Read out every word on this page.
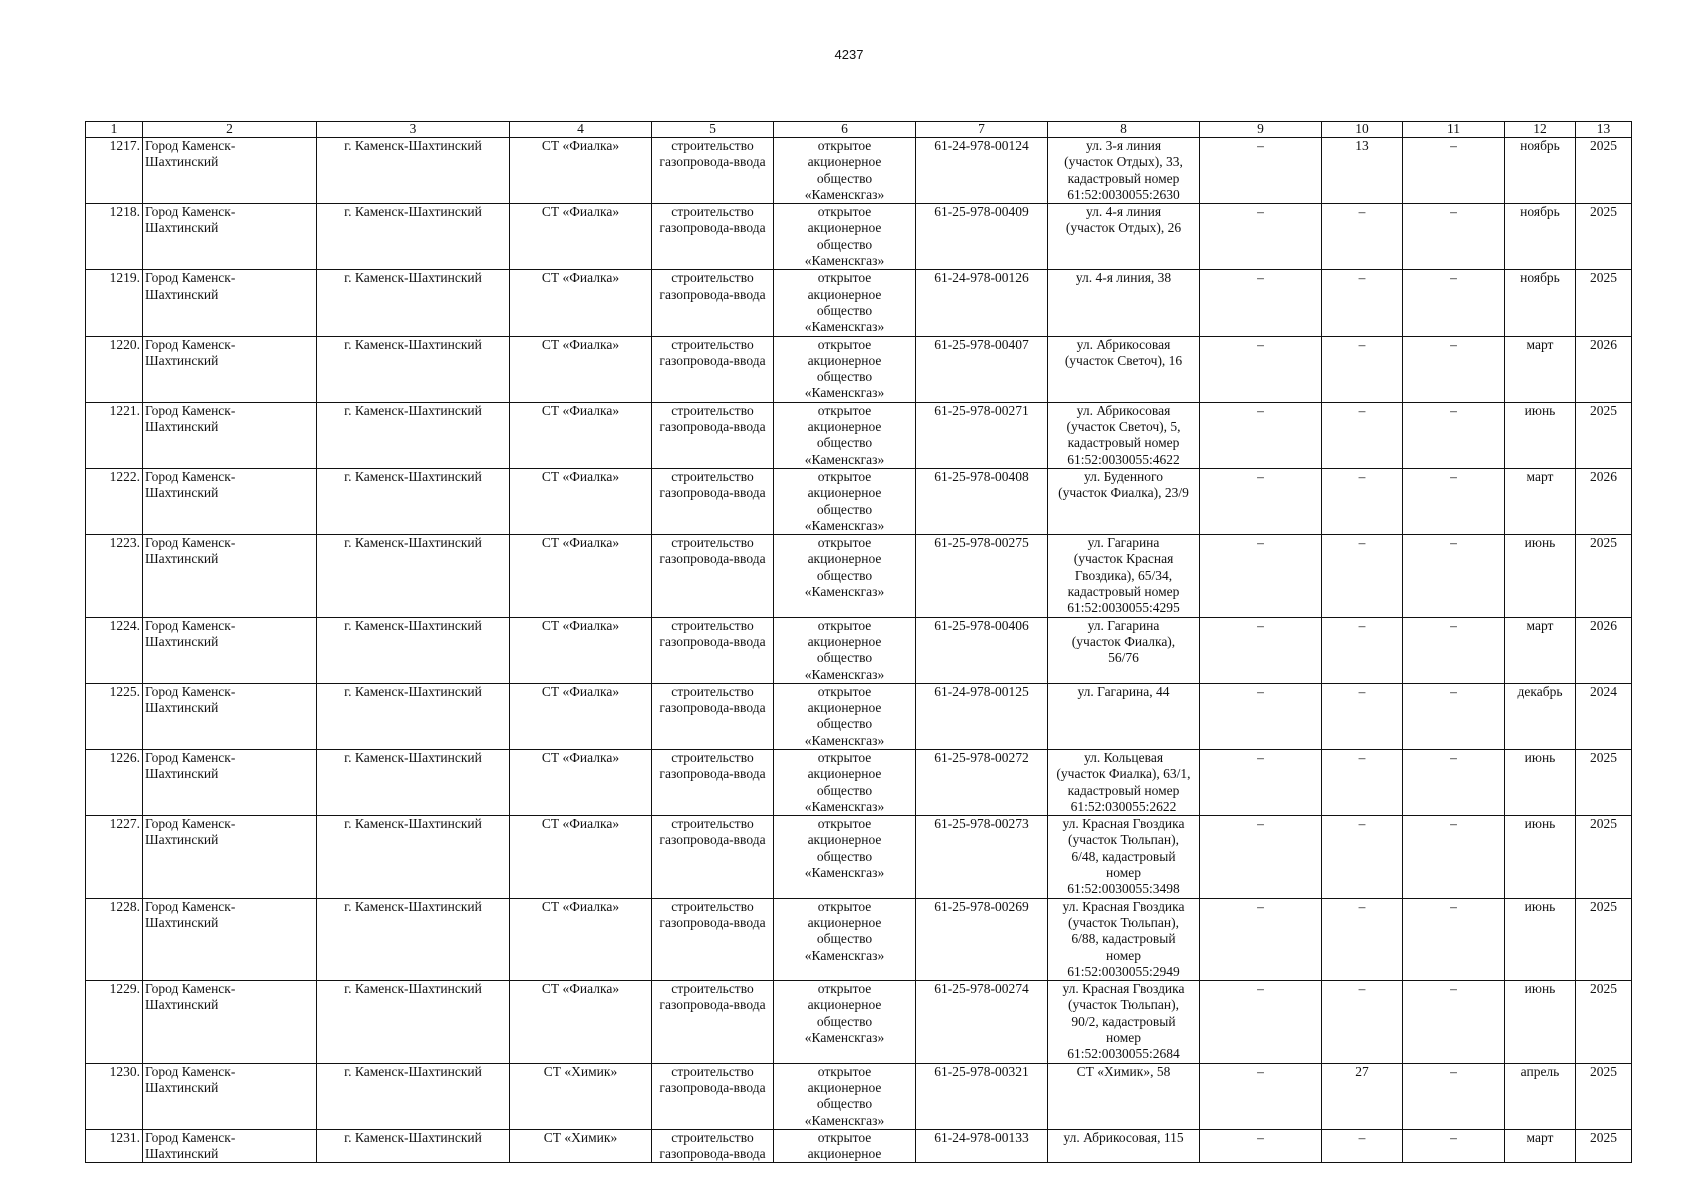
4237
1	2	3	4	5	6	7	8	9	10	11	12	13
1217.	Город Каменск-
Шахтинский	г. Каменск-Шахтинский	СТ «Фиалка»	строительство
газопровода-ввода	открытое
акционерное
общество
«Каменскгаз»	61-24-978-00124	ул. 3-я линия
(участок Отдых), 33,
кадастровый номер
61:52:0030055:2630	–	13	–	ноябрь	2025
1218.	Город Каменск-
Шахтинский	г. Каменск-Шахтинский	СТ «Фиалка»	строительство
газопровода-ввода	открытое
акционерное
общество
«Каменскгаз»	61-25-978-00409	ул. 4-я линия
(участок Отдых), 26	–	–	–	ноябрь	2025
1219.	Город Каменск-
Шахтинский	г. Каменск-Шахтинский	СТ «Фиалка»	строительство
газопровода-ввода	открытое
акционерное
общество
«Каменскгаз»	61-24-978-00126	ул. 4-я линия, 38	–	–	–	ноябрь	2025
1220.	Город Каменск-
Шахтинский	г. Каменск-Шахтинский	СТ «Фиалка»	строительство
газопровода-ввода	открытое
акционерное
общество
«Каменскгаз»	61-25-978-00407	ул. Абрикосовая
(участок Светоч), 16	–	–	–	март	2026
1221.	Город Каменск-
Шахтинский	г. Каменск-Шахтинский	СТ «Фиалка»	строительство
газопровода-ввода	открытое
акционерное
общество
«Каменскгаз»	61-25-978-00271	ул. Абрикосовая
(участок Светоч), 5,
кадастровый номер
61:52:0030055:4622	–	–	–	июнь	2025
1222.	Город Каменск-
Шахтинский	г. Каменск-Шахтинский	СТ «Фиалка»	строительство
газопровода-ввода	открытое
акционерное
общество
«Каменскгаз»	61-25-978-00408	ул. Буденного
(участок Фиалка), 23/9	–	–	–	март	2026
1223.	Город Каменск-
Шахтинский	г. Каменск-Шахтинский	СТ «Фиалка»	строительство
газопровода-ввода	открытое
акционерное
общество
«Каменскгаз»	61-25-978-00275	ул. Гагарина
(участок Красная
Гвоздика), 65/34,
кадастровый номер
61:52:0030055:4295	–	–	–	июнь	2025
1224.	Город Каменск-
Шахтинский	г. Каменск-Шахтинский	СТ «Фиалка»	строительство
газопровода-ввода	открытое
акционерное
общество
«Каменскгаз»	61-25-978-00406	ул. Гагарина
(участок Фиалка),
56/76	–	–	–	март	2026
1225.	Город Каменск-
Шахтинский	г. Каменск-Шахтинский	СТ «Фиалка»	строительство
газопровода-ввода	открытое
акционерное
общество
«Каменскгаз»	61-24-978-00125	ул. Гагарина, 44	–	–	–	декабрь	2024
1226.	Город Каменск-
Шахтинский	г. Каменск-Шахтинский	СТ «Фиалка»	строительство
газопровода-ввода	открытое
акционерное
общество
«Каменскгаз»	61-25-978-00272	ул. Кольцевая
(участок Фиалка), 63/1,
кадастровый номер
61:52:030055:2622	–	–	–	июнь	2025
1227.	Город Каменск-
Шахтинский	г. Каменск-Шахтинский	СТ «Фиалка»	строительство
газопровода-ввода	открытое
акционерное
общество
«Каменскгаз»	61-25-978-00273	ул. Красная Гвоздика
(участок Тюльпан),
6/48, кадастровый
номер
61:52:0030055:3498	–	–	–	июнь	2025
1228.	Город Каменск-
Шахтинский	г. Каменск-Шахтинский	СТ «Фиалка»	строительство
газопровода-ввода	открытое
акционерное
общество
«Каменскгаз»	61-25-978-00269	ул. Красная Гвоздика
(участок Тюльпан),
6/88, кадастровый
номер
61:52:0030055:2949	–	–	–	июнь	2025
1229.	Город Каменск-
Шахтинский	г. Каменск-Шахтинский	СТ «Фиалка»	строительство
газопровода-ввода	открытое
акционерное
общество
«Каменскгаз»	61-25-978-00274	ул. Красная Гвоздика
(участок Тюльпан),
90/2, кадастровый
номер
61:52:0030055:2684	–	–	–	июнь	2025
1230.	Город Каменск-
Шахтинский	г. Каменск-Шахтинский	СТ «Химик»	строительство
газопровода-ввода	открытое
акционерное
общество
«Каменскгаз»	61-25-978-00321	СТ «Химик», 58	–	27	–	апрель	2025
1231.	Город Каменск-
Шахтинский	г. Каменск-Шахтинский	СТ «Химик»	строительство
газопровода-ввода	открытое
акционерное	61-24-978-00133	ул. Абрикосовая, 115	–	–	–	март	2025
